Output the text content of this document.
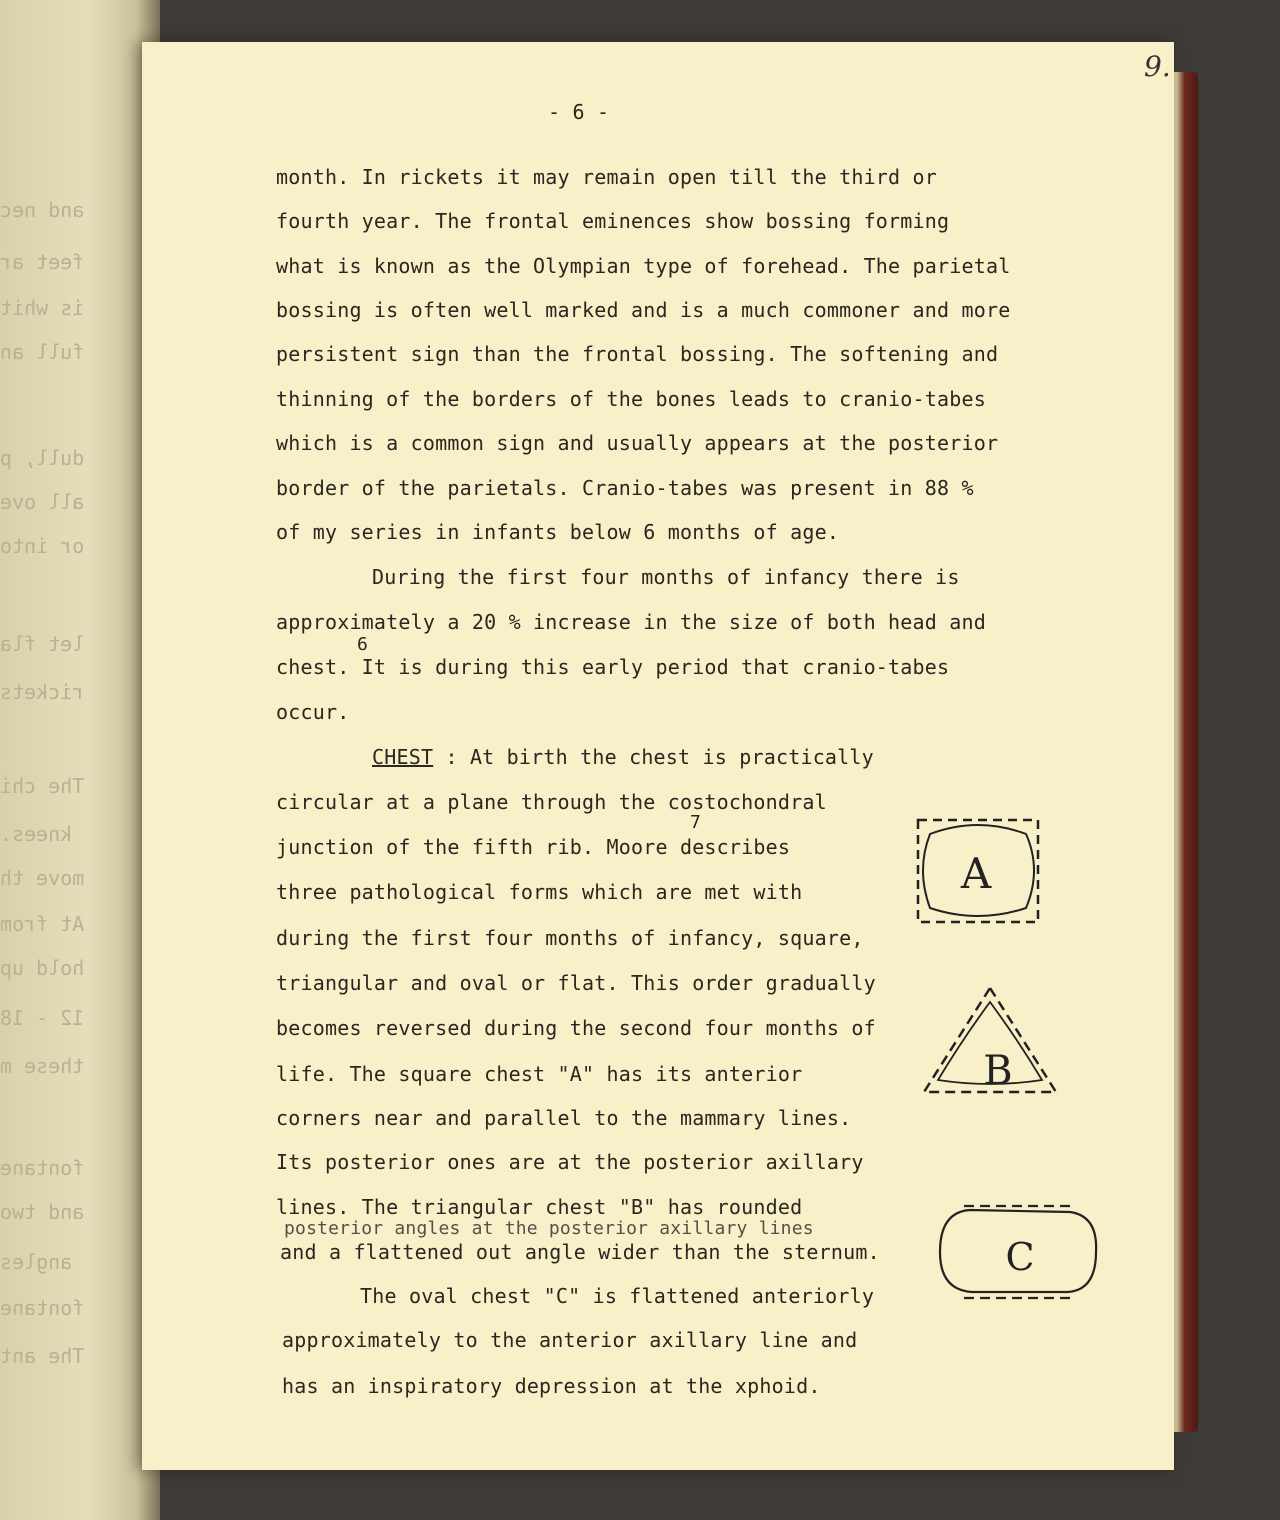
and nec
feet ar
is whit
full an
dull, p
all ove
or into
let fla
rickets
The chi
knees.
move th
At from
hold up
12 - 18
these m
fontane
and two
angles
fontane
The ant
9.
- 6 -
month. In rickets it may remain open till the third or
fourth year. The frontal eminences show bossing forming
what is known as the Olympian type of forehead. The parietal
bossing is often well marked and is a much commoner and more
persistent sign than the frontal bossing. The softening and
thinning of the borders of the bones leads to cranio-tabes
which is a common sign and usually appears at the posterior
border of the parietals. Cranio-tabes was present in 88 %
of my series in infants below 6 months of age.
During the first four months of infancy there is
approximately a 20 % increase in the size of both head and
6
chest. It is during this early period that cranio-tabes
occur.
CHEST : At birth the chest is practically
circular at a plane through the costochondral
7
junction of the fifth rib. Moore describes
three pathological forms which are met with
during the first four months of infancy, square,
triangular and oval or flat. This order gradually
becomes reversed during the second four months of
life. The square chest "A" has its anterior
corners near and parallel to the mammary lines.
Its posterior ones are at the posterior axillary
lines. The triangular chest "B" has rounded
posterior angles at the posterior axillary lines
and a flattened out angle wider than the sternum.
The oval chest "C" is flattened anteriorly
approximately to the anterior axillary line and
has an inspiratory depression at the xphoid.
A
B
C
